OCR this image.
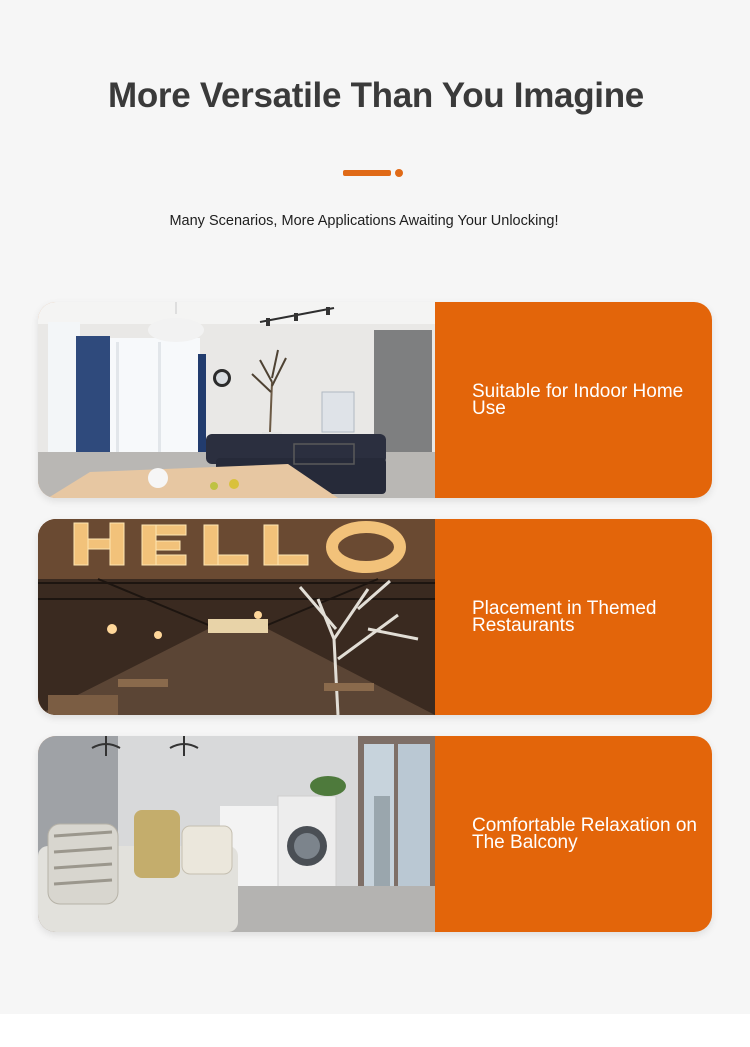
More Versatile Than You Imagine

Many Scenarios, More Applications Awaiting Your Unlocking!

Suitable for Indoor Home Use

Placement in Themed Restaurants

Comfortable Relaxation on The Balcony
